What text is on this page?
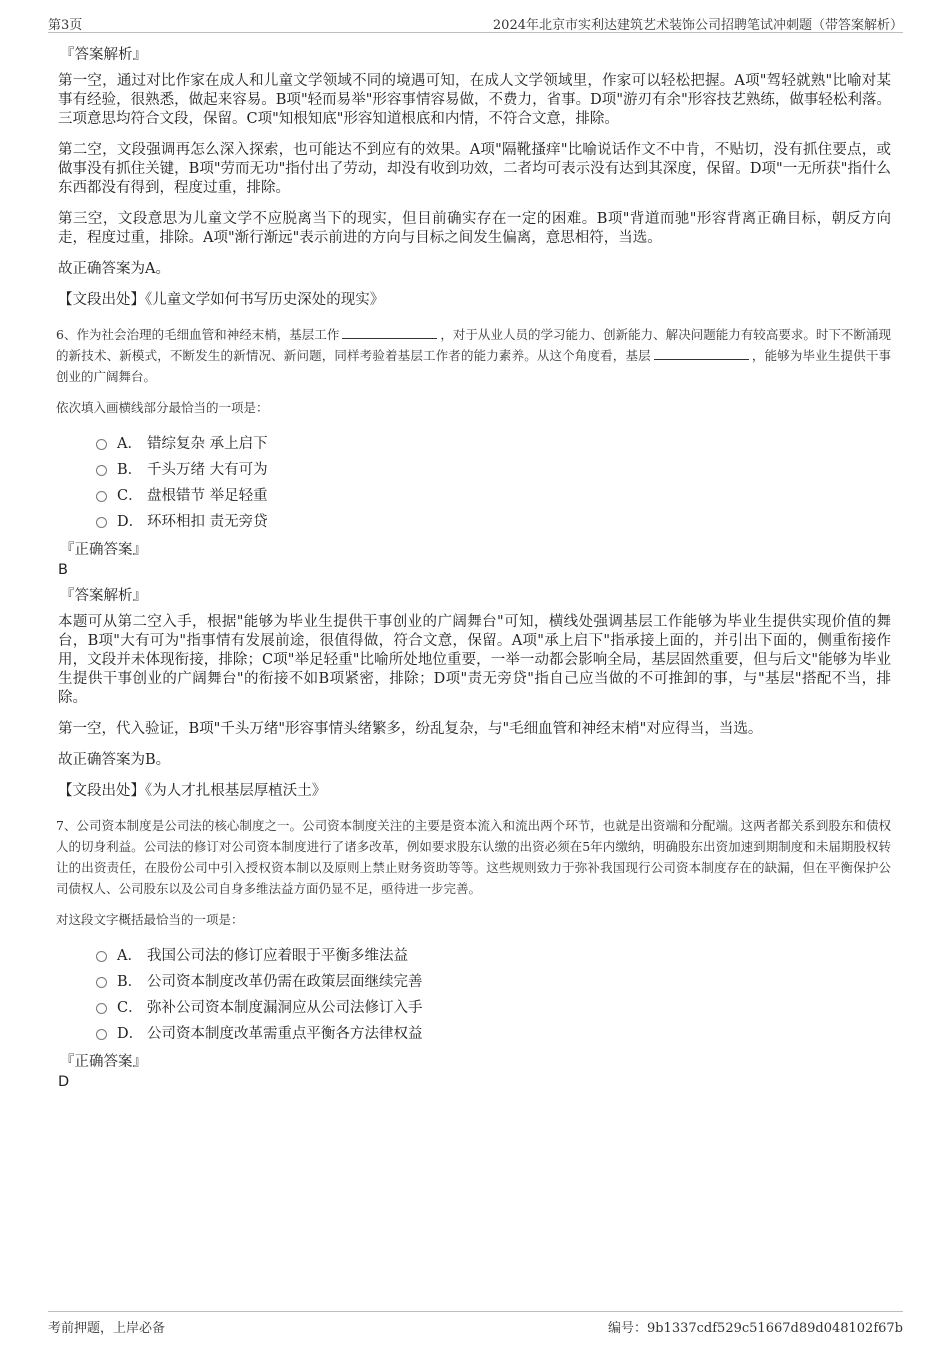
第3页	2024年北京市实利达建筑艺术装饰公司招聘笔试冲刺题（带答案解析）
『答案解析』

第一空，通过对比作家在成人和儿童文学领域不同的境遇可知，在成人文学领域里，作家可以轻松把握。A项"驾轻就熟"比喻对某事有经验，很熟悉，做起来容易。B项"轻而易举"形容事情容易做，不费力，省事。D项"游刃有余"形容技艺熟练，做事轻松利落。三项意思均符合文段，保留。C项"知根知底"形容知道根底和内情，不符合文意，排除。

第二空，文段强调再怎么深入探索，也可能达不到应有的效果。A项"隔靴搔痒"比喻说话作文不中肯，不贴切，没有抓住要点，或做事没有抓住关键，B项"劳而无功"指付出了劳动，却没有收到功效，二者均可表示没有达到其深度，保留。D项"一无所获"指什么东西都没有得到，程度过重，排除。

第三空，文段意思为儿童文学不应脱离当下的现实，但目前确实存在一定的困难。B项"背道而驰"形容背离正确目标，朝反方向走，程度过重，排除。A项"渐行渐远"表示前进的方向与目标之间发生偏离，意思相符，当选。

故正确答案为A。

【文段出处】《儿童文学如何书写历史深处的现实》

6、作为社会治理的毛细血管和神经末梢，基层工作	，对于从业人员的学习能力、创新能力、解决问题能力有较高要求。时下不断涌现的新技术、新模式，不断发生的新情况、新问题，同样考验着基层工作者的能力素养。从这个角度看，基层	，能够为毕业生提供干事创业的广阔舞台。

依次填入画横线部分最恰当的一项是：

A． 错综复杂 承上启下
B． 千头万绪 大有可为
C． 盘根错节 举足轻重
D． 环环相扣 责无旁贷
『正确答案』
B
『答案解析』

本题可从第二空入手，根据"能够为毕业生提供干事创业的广阔舞台"可知，横线处强调基层工作能够为毕业生提供实现价值的舞台，B项"大有可为"指事情有发展前途，很值得做，符合文意，保留。A项"承上启下"指承接上面的，并引出下面的，侧重衔接作用，文段并未体现衔接，排除；C项"举足轻重"比喻所处地位重要，一举一动都会影响全局，基层固然重要，但与后文"能够为毕业生提供干事创业的广阔舞台"的衔接不如B项紧密，排除；D项"责无旁贷"指自己应当做的不可推卸的事，与"基层"搭配不当，排除。

第一空，代入验证，B项"千头万绪"形容事情头绪繁多，纷乱复杂，与"毛细血管和神经末梢"对应得当，当选。

故正确答案为B。

【文段出处】《为人才扎根基层厚植沃土》

7、公司资本制度是公司法的核心制度之一。公司资本制度关注的主要是资本流入和流出两个环节，也就是出资端和分配端。这两者都关系到股东和债权人的切身利益。公司法的修订对公司资本制度进行了诸多改革，例如要求股东认缴的出资必须在5年内缴纳，明确股东出资加速到期制度和未届期股权转让的出资责任，在股份公司中引入授权资本制以及原则上禁止财务资助等等。这些规则致力于弥补我国现行公司资本制度存在的缺漏，但在平衡保护公司债权人、公司股东以及公司自身多维法益方面仍显不足，亟待进一步完善。

对这段文字概括最恰当的一项是：

A． 我国公司法的修订应着眼于平衡多维法益
B． 公司资本制度改革仍需在政策层面继续完善
C． 弥补公司资本制度漏洞应从公司法修订入手
D． 公司资本制度改革需重点平衡各方法律权益
『正确答案』
D
考前押题，上岸必备	编号：9b1337cdf529c51667d89d048102f67b
